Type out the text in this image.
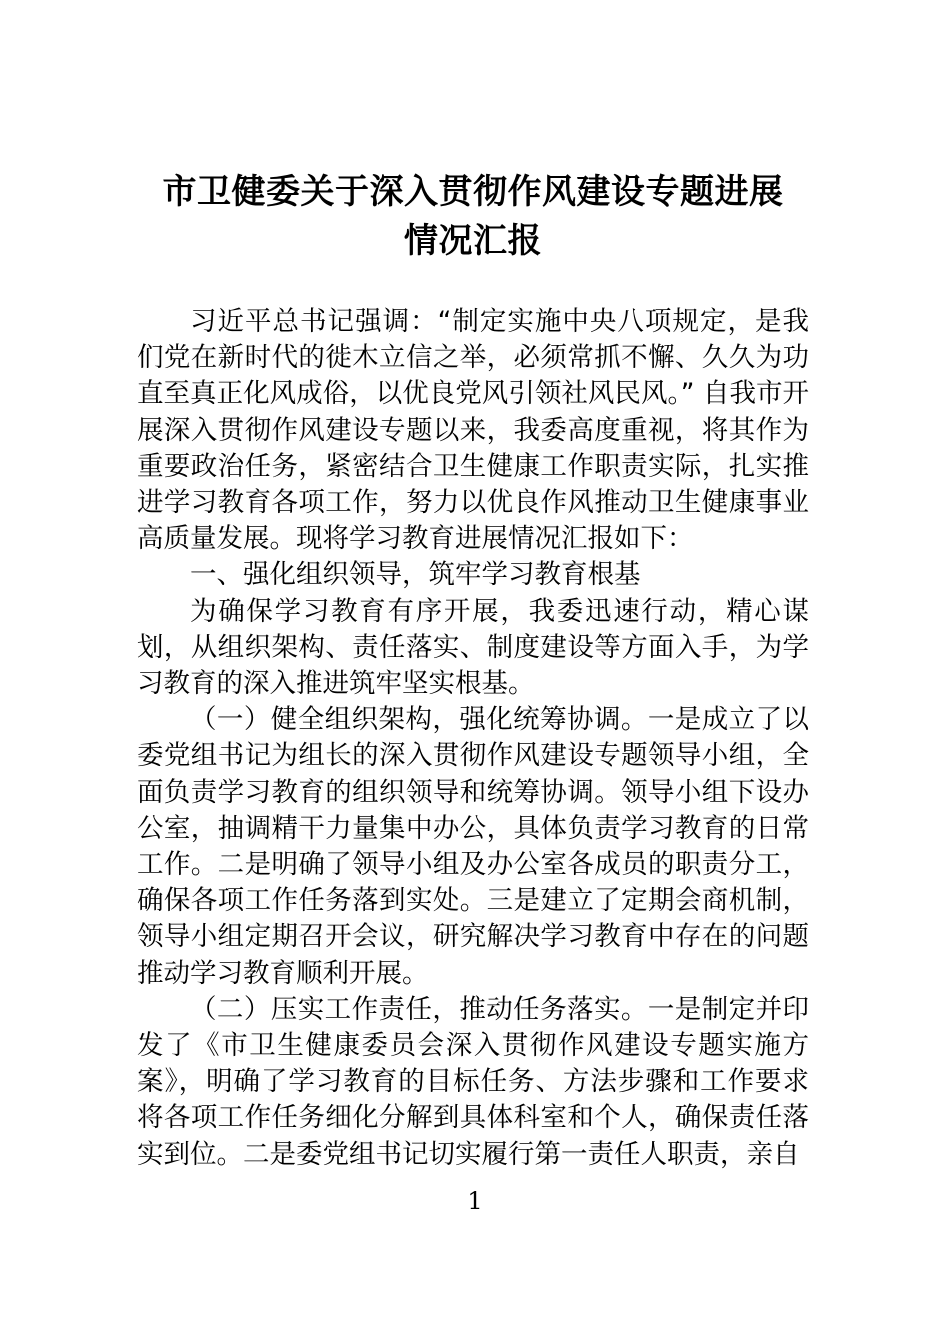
市卫健委关于深入贯彻作风建设专题进展
情况汇报

习近平总书记强调：“制定实施中央八项规定，是我们党在新时代的徙木立信之举，必须常抓不懈、久久为功直至真正化风成俗，以优良党风引领社风民风。” 自我市开展深入贯彻作风建设专题以来，我委高度重视，将其作为重要政治任务，紧密结合卫生健康工作职责实际，扎实推进学习教育各项工作，努力以优良作风推动卫生健康事业高质量发展。现将学习教育进展情况汇报如下：

一、强化组织领导，筑牢学习教育根基

为确保学习教育有序开展，我委迅速行动，精心谋划，从组织架构、责任落实、制度建设等方面入手，为学习教育的深入推进筑牢坚实根基。

（一）健全组织架构，强化统筹协调。一是成立了以委党组书记为组长的深入贯彻作风建设专题领导小组，全面负责学习教育的组织领导和统筹协调。领导小组下设办公室，抽调精干力量集中办公，具体负责学习教育的日常工作。二是明确了领导小组及办公室各成员的职责分工，确保各项工作任务落到实处。三是建立了定期会商机制，领导小组定期召开会议，研究解决学习教育中存在的问题推动学习教育顺利开展。

（二）压实工作责任，推动任务落实。一是制定并印发了《市卫生健康委员会深入贯彻作风建设专题实施方案》，明确了学习教育的目标任务、方法步骤和工作要求将各项工作任务细化分解到具体科室和个人，确保责任落实到位。二是委党组书记切实履行第一责任人职责，亲自

1
